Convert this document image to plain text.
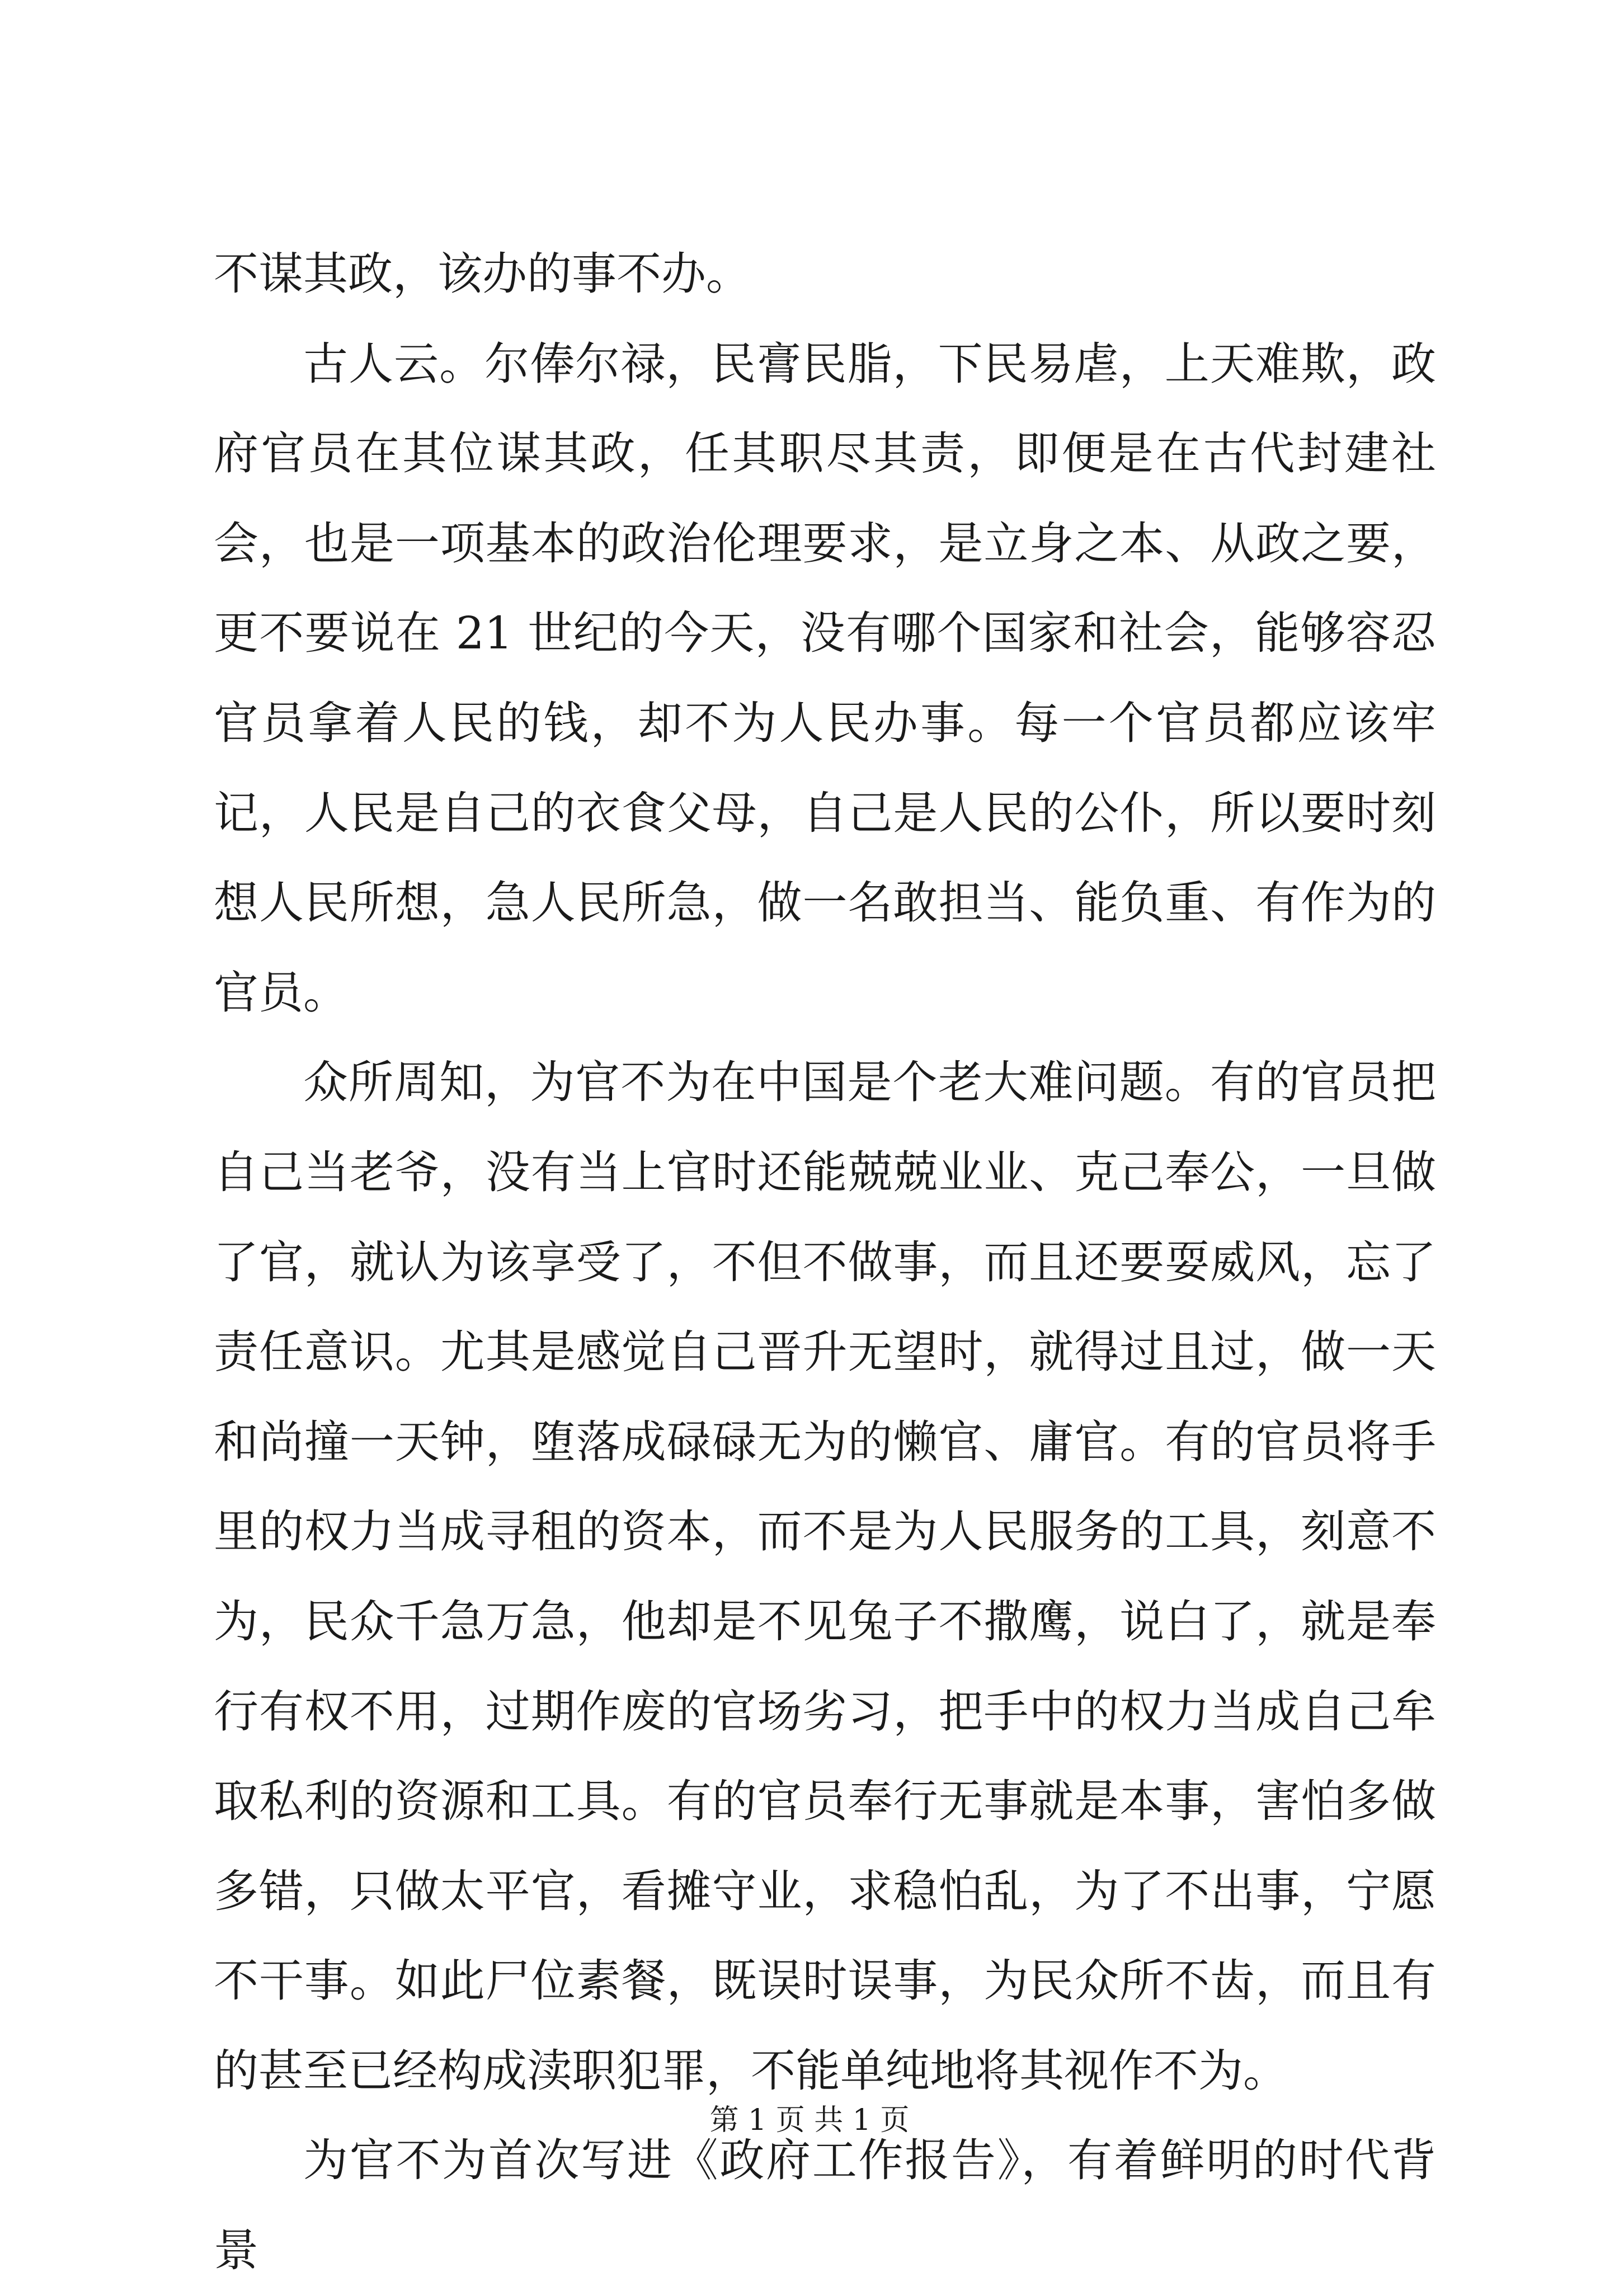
不谋其政，该办的事不办。

古人云。尔俸尔禄，民膏民脂，下民易虐，上天难欺，政府官员在其位谋其政，任其职尽其责，即便是在古代封建社会，也是一项基本的政治伦理要求，是立身之本、从政之要，更不要说在 21 世纪的今天，没有哪个国家和社会，能够容忍官员拿着人民的钱，却不为人民办事。每一个官员都应该牢记，人民是自己的衣食父母，自己是人民的公仆，所以要时刻想人民所想，急人民所急，做一名敢担当、能负重、有作为的官员。

众所周知，为官不为在中国是个老大难问题。有的官员把自己当老爷，没有当上官时还能兢兢业业、克己奉公，一旦做了官，就认为该享受了，不但不做事，而且还要耍威风，忘了责任意识。尤其是感觉自己晋升无望时，就得过且过，做一天和尚撞一天钟，堕落成碌碌无为的懒官、庸官。有的官员将手里的权力当成寻租的资本，而不是为人民服务的工具，刻意不为，民众千急万急，他却是不见兔子不撒鹰，说白了，就是奉行有权不用，过期作废的官场劣习，把手中的权力当成自己牟取私利的资源和工具。有的官员奉行无事就是本事，害怕多做多错，只做太平官，看摊守业，求稳怕乱，为了不出事，宁愿不干事。如此尸位素餐，既误时误事，为民众所不齿，而且有的甚至已经构成渎职犯罪，不能单纯地将其视作不为。

为官不为首次写进《政府工作报告》，有着鲜明的时代背景

第 1 页 共 1 页
